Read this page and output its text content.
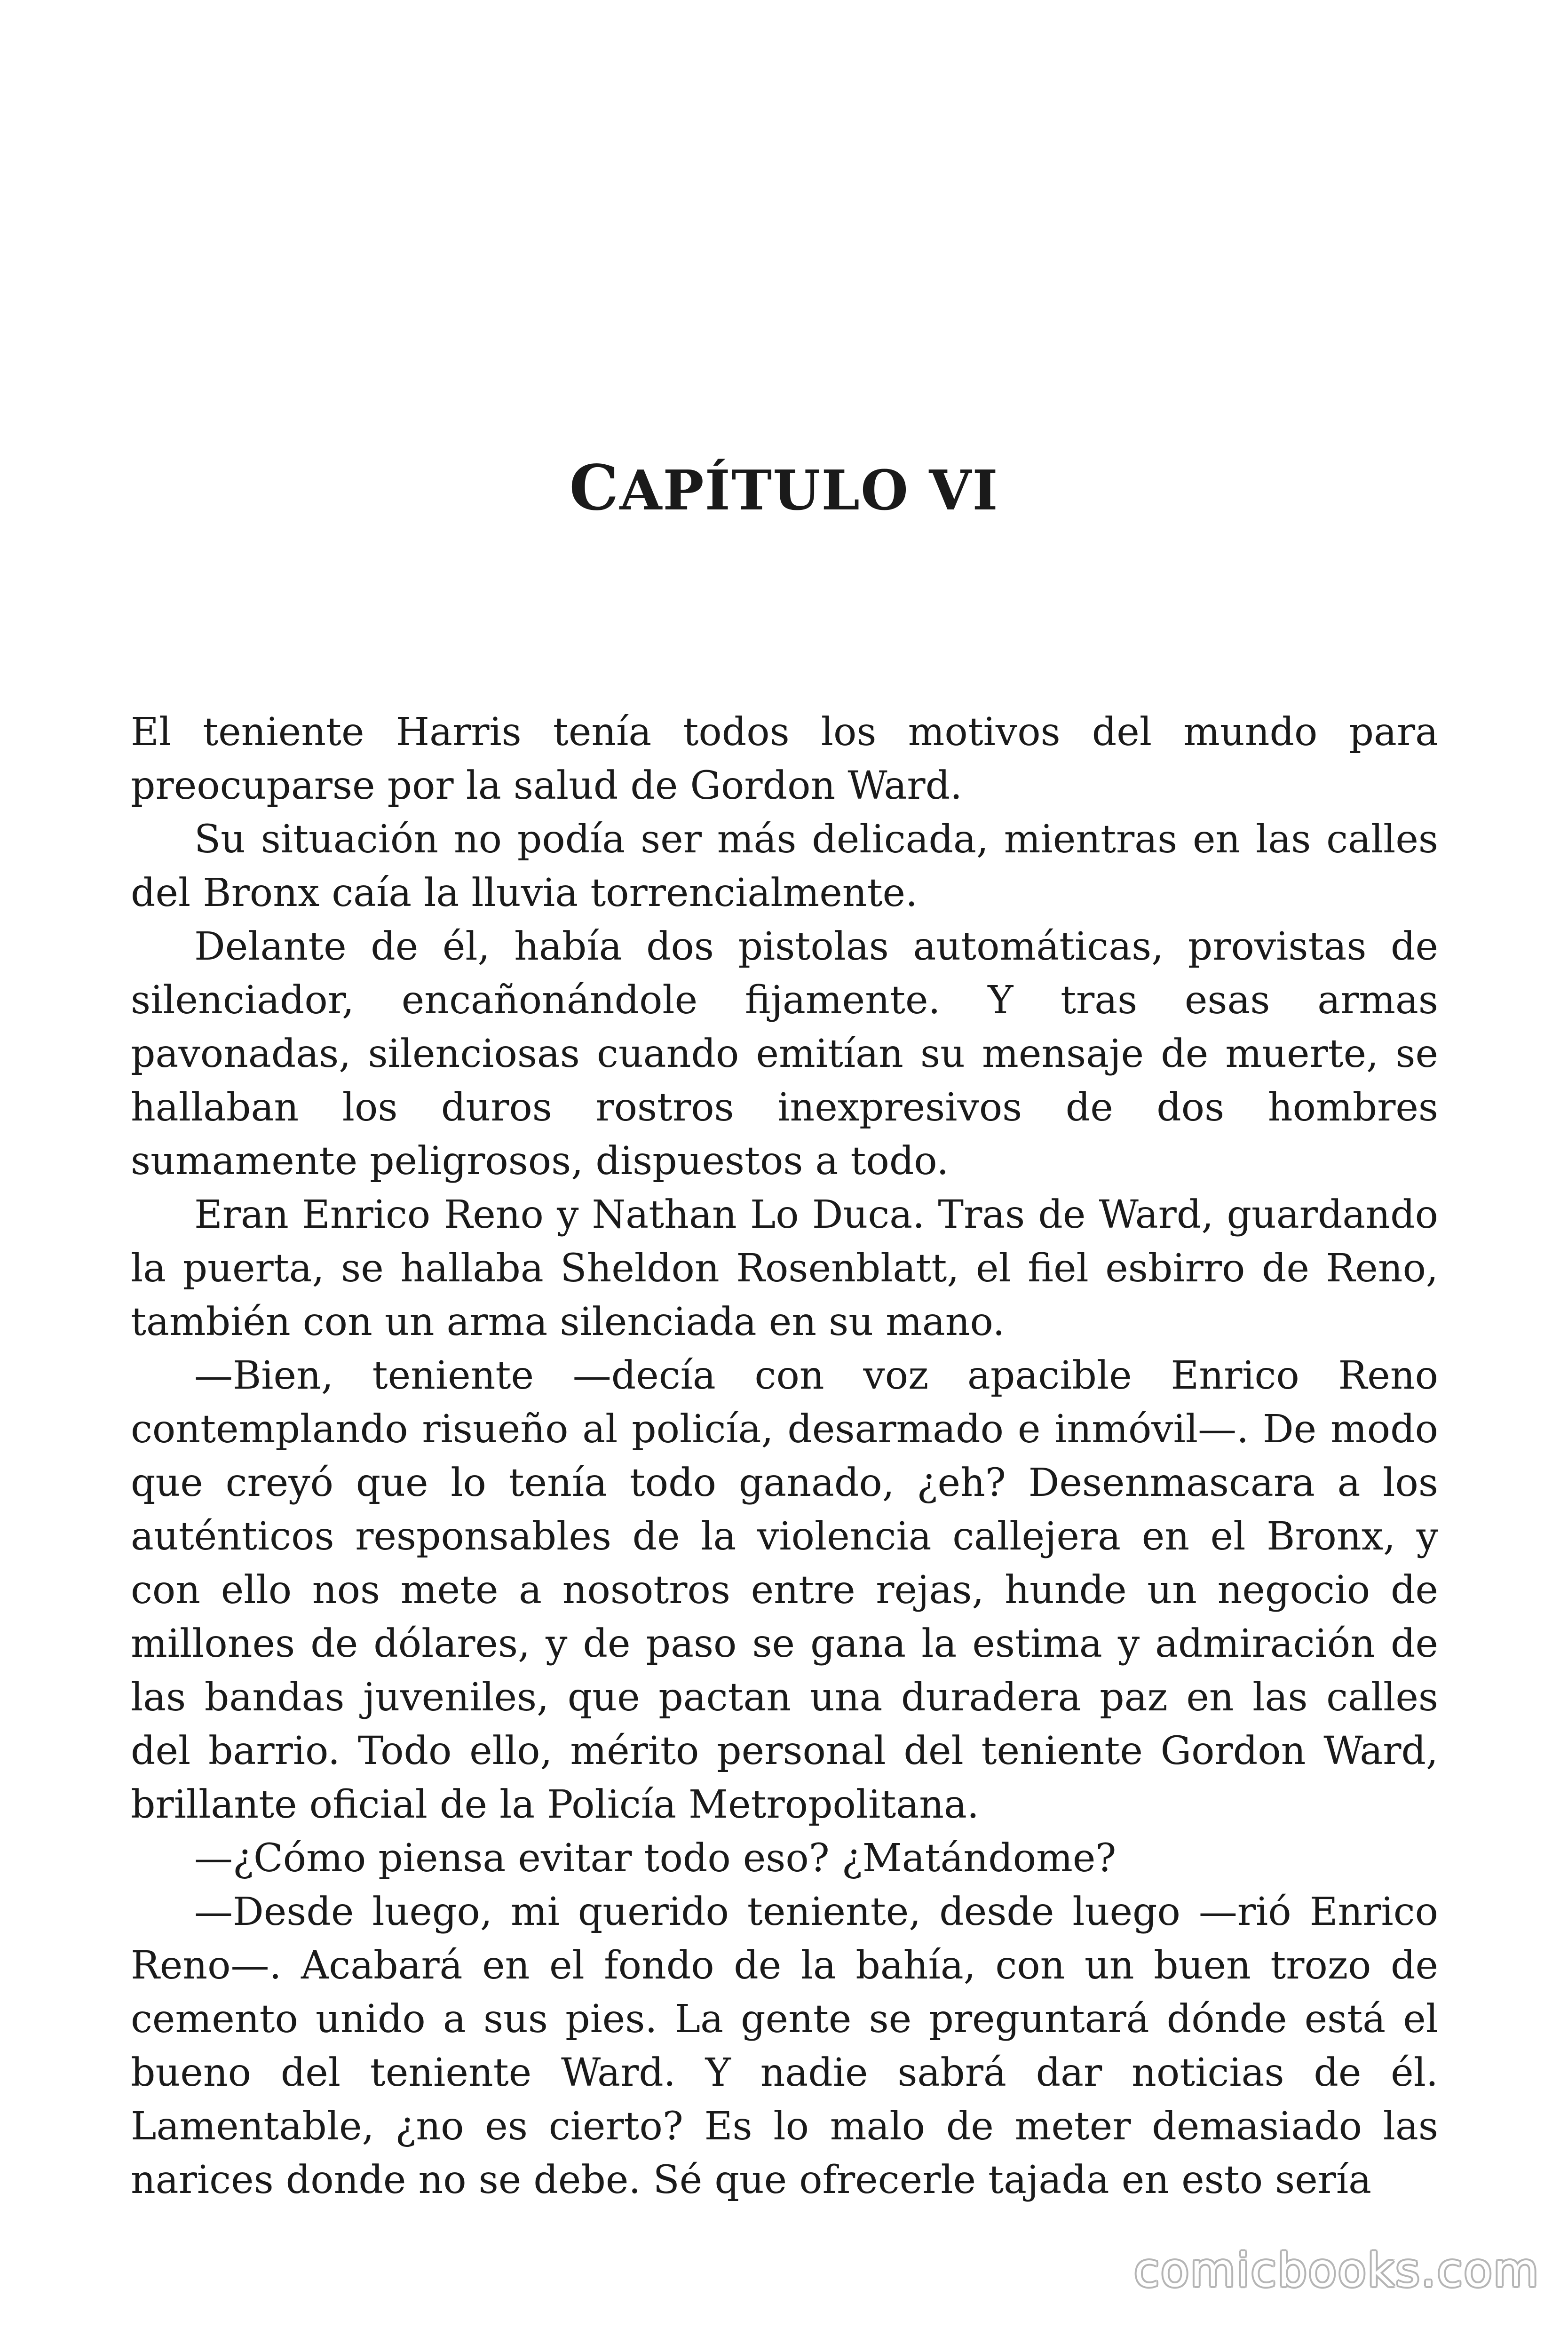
CAPÍTULO VI

El teniente Harris tenía todos los motivos del mundo para preocuparse por la salud de Gordon Ward.

Su situación no podía ser más delicada, mientras en las calles del Bronx caía la lluvia torrencialmente.

Delante de él, había dos pistolas automáticas, provistas de silenciador, encañonándole fijamente. Y tras esas armas pavonadas, silenciosas cuando emitían su mensaje de muerte, se hallaban los duros rostros inexpresivos de dos hombres sumamente peligrosos, dispuestos a todo.

Eran Enrico Reno y Nathan Lo Duca. Tras de Ward, guardando la puerta, se hallaba Sheldon Rosenblatt, el fiel esbirro de Reno, también con un arma silenciada en su mano.

—Bien, teniente —decía con voz apacible Enrico Reno contemplando risueño al policía, desarmado e inmóvil—. De modo que creyó que lo tenía todo ganado, ¿eh? Desenmascara a los auténticos responsables de la violencia callejera en el Bronx, y con ello nos mete a nosotros entre rejas, hunde un negocio de millones de dólares, y de paso se gana la estima y admiración de las bandas juveniles, que pactan una duradera paz en las calles del barrio. Todo ello, mérito personal del teniente Gordon Ward, brillante oficial de la Policía Metropolitana.

—¿Cómo piensa evitar todo eso? ¿Matándome?

—Desde luego, mi querido teniente, desde luego —rió Enrico Reno—. Acabará en el fondo de la bahía, con un buen trozo de cemento unido a sus pies. La gente se preguntará dónde está el bueno del teniente Ward. Y nadie sabrá dar noticias de él. Lamentable, ¿no es cierto? Es lo malo de meter demasiado las narices donde no se debe. Sé que ofrecerle tajada en esto sería

comicbooks.com
